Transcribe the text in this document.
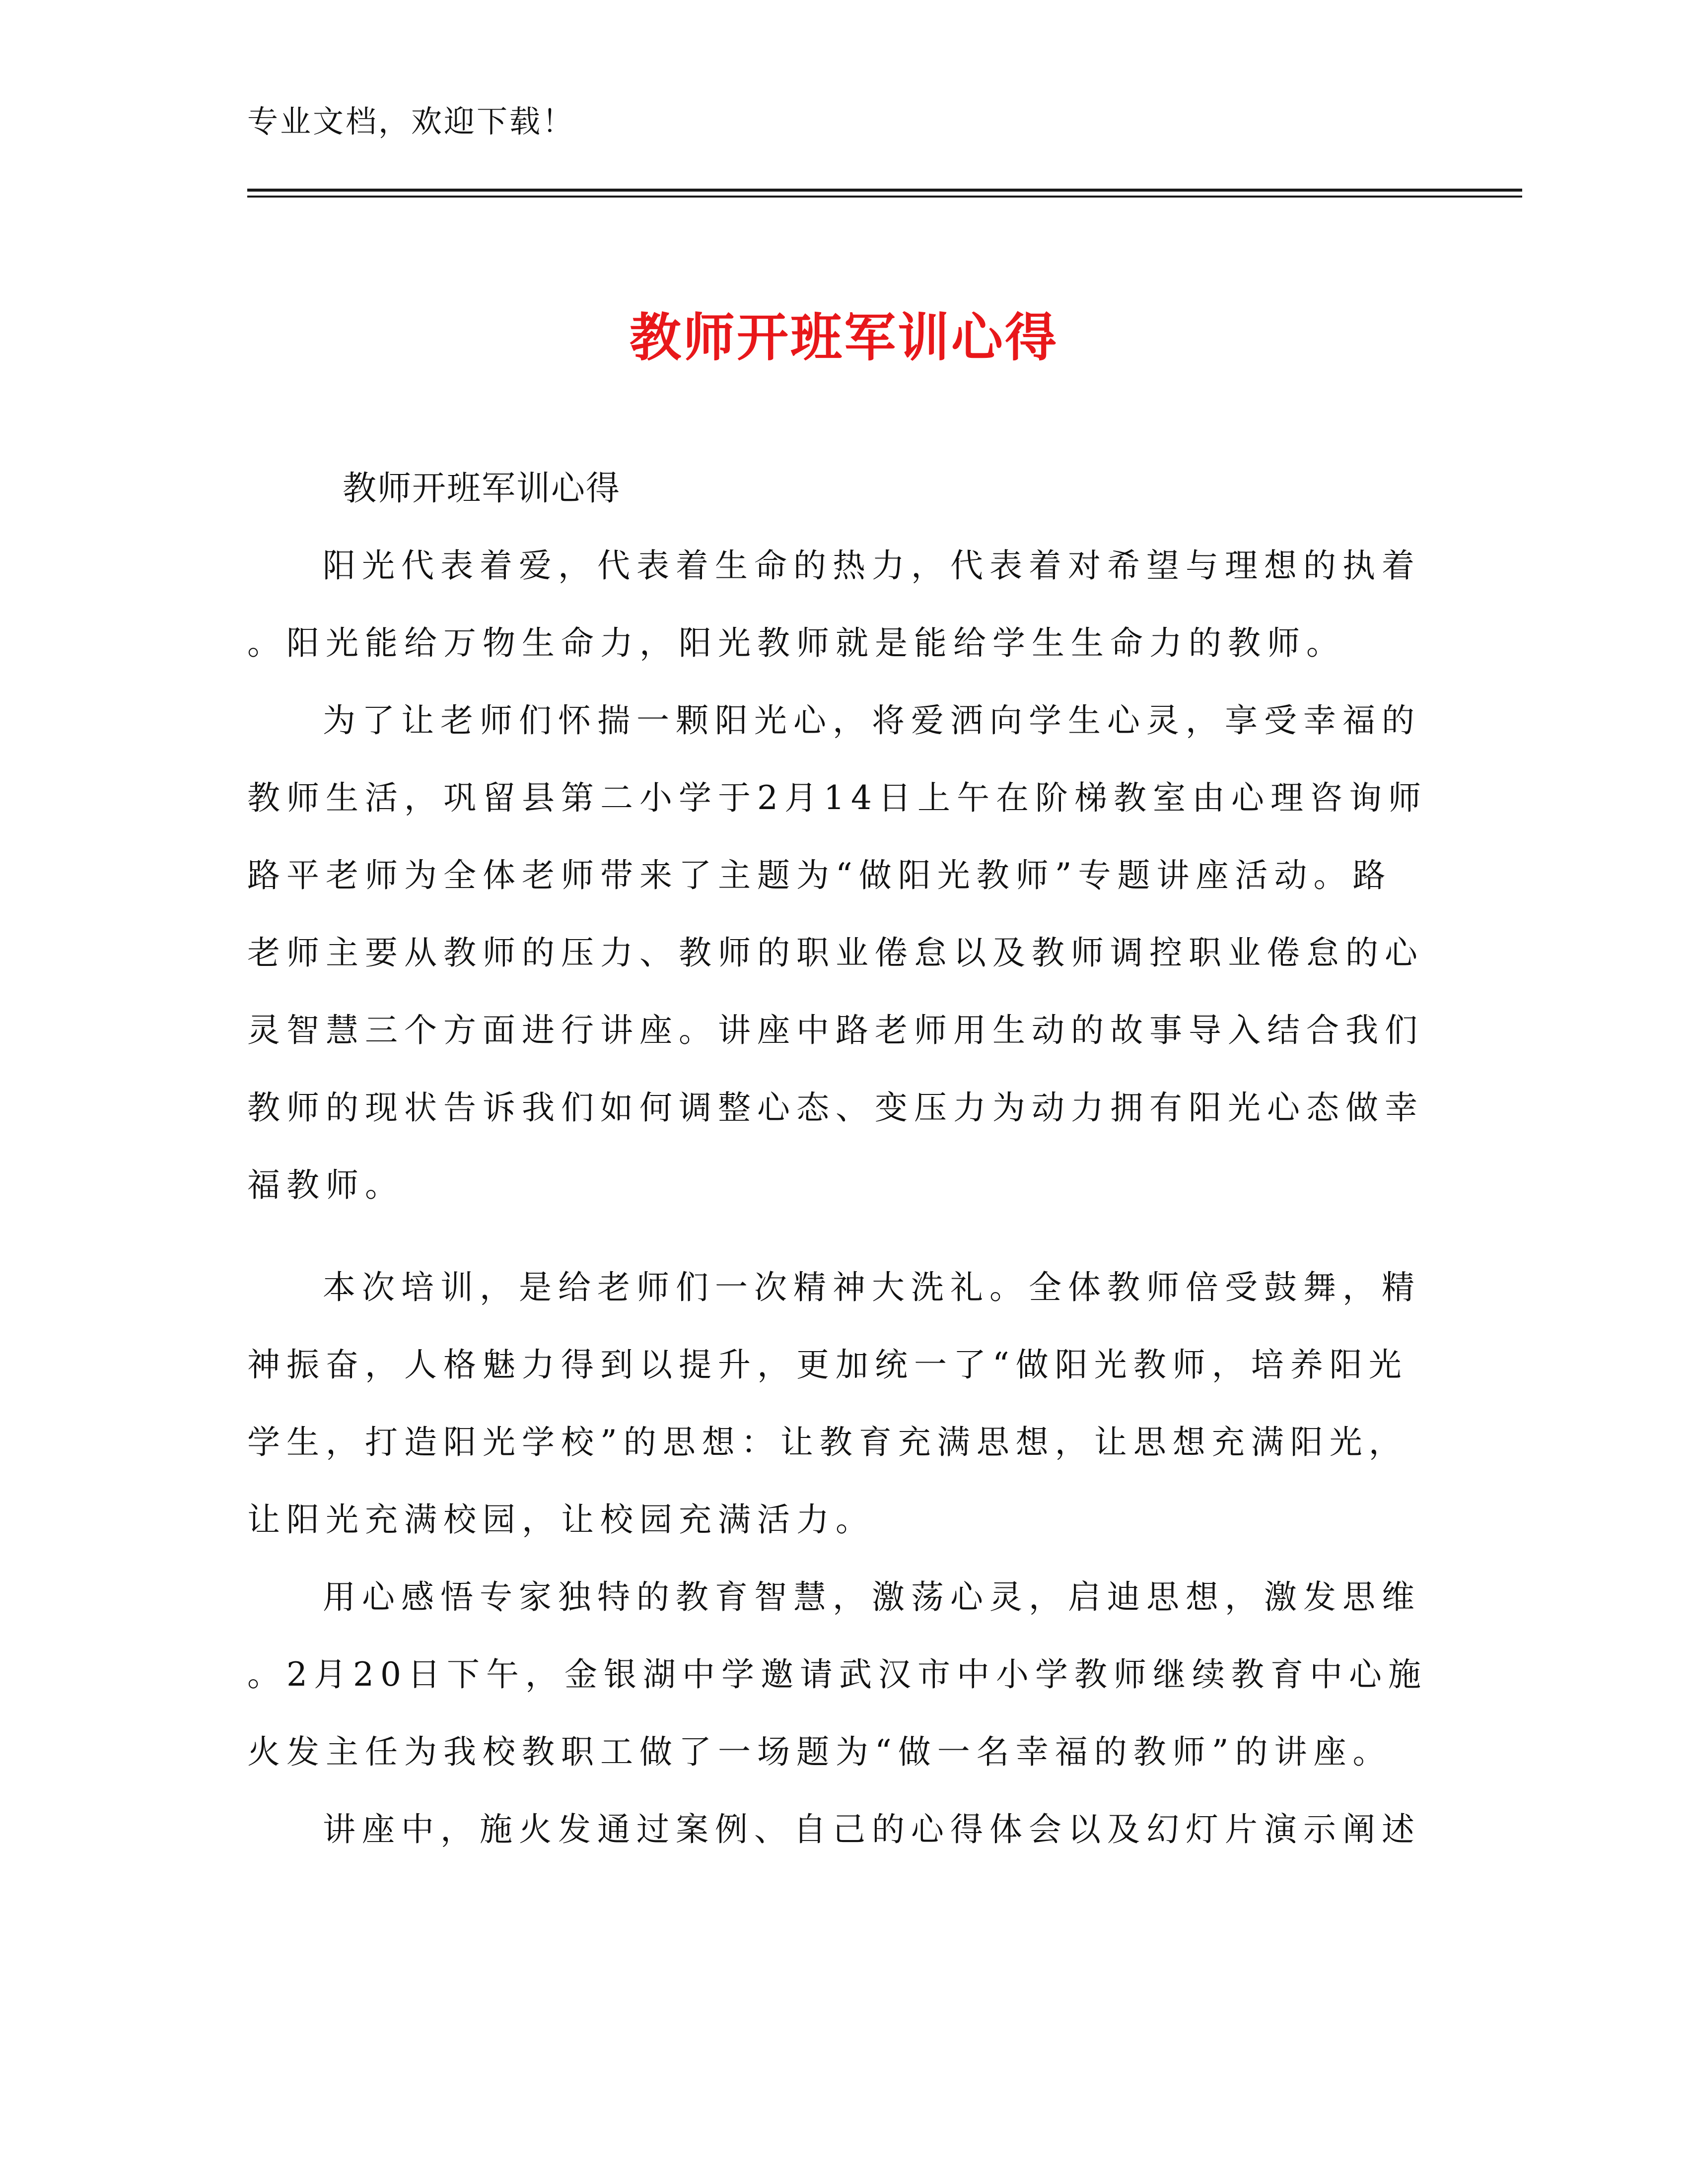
专业文档，欢迎下载！
教师开班军训心得
教师开班军训心得
阳光代表着爱，代表着生命的热力，代表着对希望与理想的执着
。阳光能给万物生命力，阳光教师就是能给学生生命力的教师。
为了让老师们怀揣一颗阳光心，将爱洒向学生心灵，享受幸福的
教师生活，巩留县第二小学于2月14日上午在阶梯教室由心理咨询师
路平老师为全体老师带来了主题为“做阳光教师”专题讲座活动。路
老师主要从教师的压力、教师的职业倦怠以及教师调控职业倦怠的心
灵智慧三个方面进行讲座。讲座中路老师用生动的故事导入结合我们
教师的现状告诉我们如何调整心态、变压力为动力拥有阳光心态做幸
福教师。
本次培训，是给老师们一次精神大洗礼。全体教师倍受鼓舞，精
神振奋，人格魅力得到以提升，更加统一了“做阳光教师，培养阳光
学生，打造阳光学校”的思想：让教育充满思想，让思想充满阳光，
让阳光充满校园，让校园充满活力。
用心感悟专家独特的教育智慧，激荡心灵，启迪思想，激发思维
。2月20日下午，金银湖中学邀请武汉市中小学教师继续教育中心施
火发主任为我校教职工做了一场题为“做一名幸福的教师”的讲座。
讲座中，施火发通过案例、自己的心得体会以及幻灯片演示阐述
